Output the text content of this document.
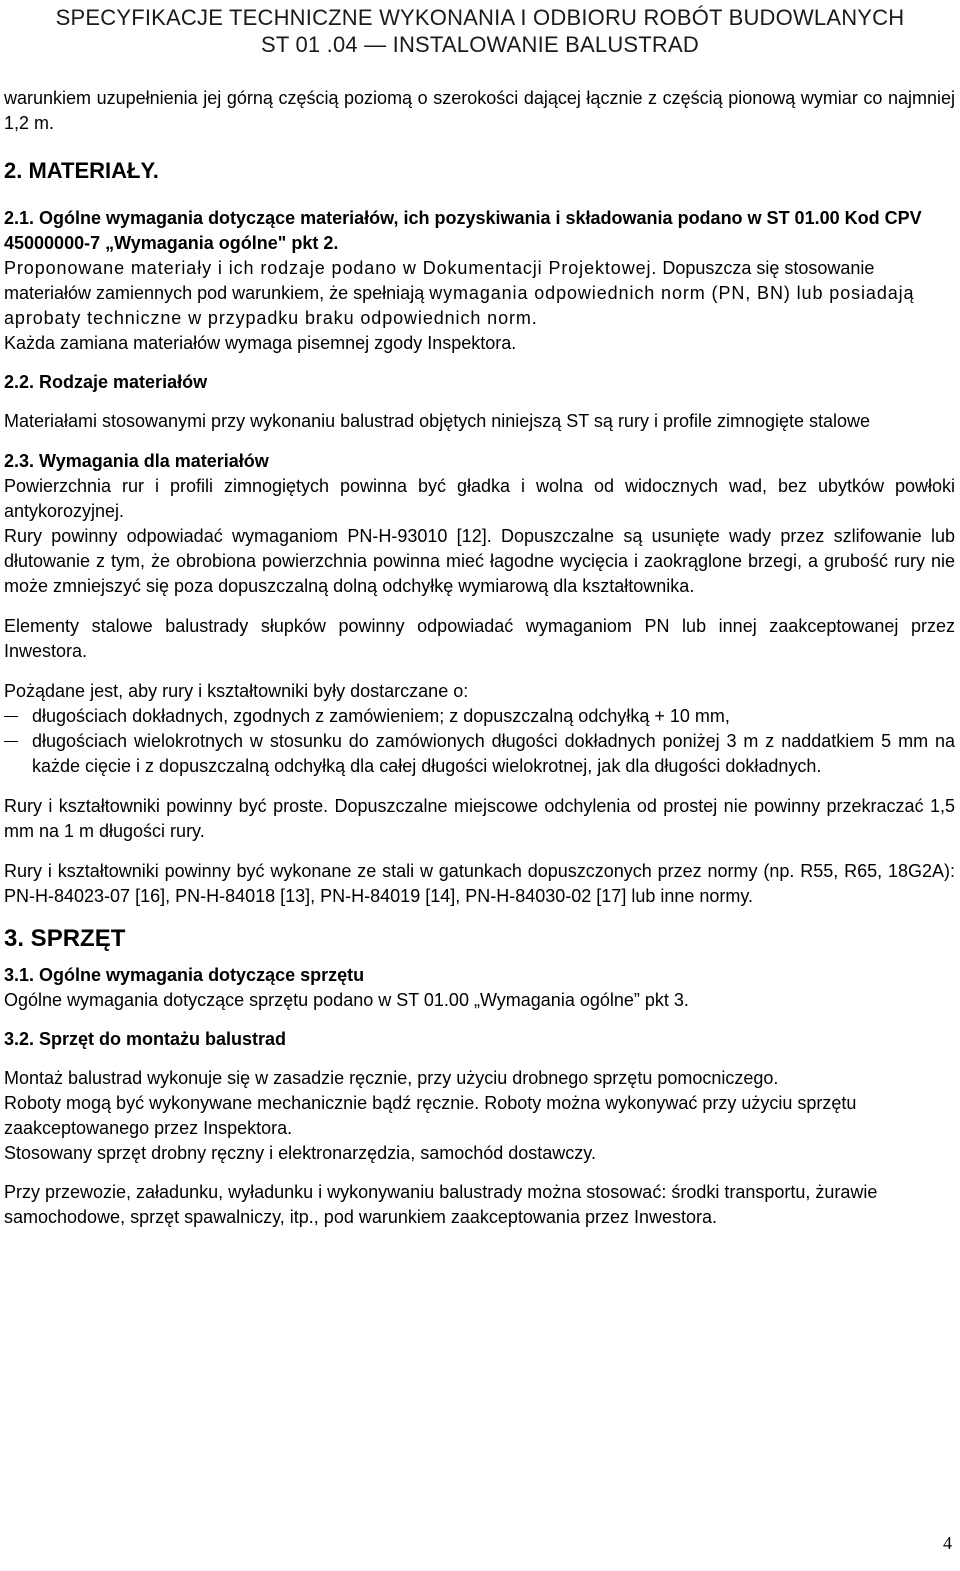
SPECYFIKACJE TECHNICZNE WYKONANIA I ODBIORU ROBÓT BUDOWLANYCH
ST 01 .04 — INSTALOWANIE BALUSTRAD

warunkiem uzupełnienia jej górną częścią poziomą o szerokości dającej łącznie z częścią pionową wymiar co najmniej 1,2 m.

2. MATERIAŁY.

2.1. Ogólne wymagania dotyczące materiałów, ich pozyskiwania i składowania podano w ST 01.00 Kod CPV 45000000-7 „Wymagania ogólne" pkt 2.

Proponowane materiały i ich rodzaje podano w Dokumentacji Projektowej. Dopuszcza się stosowanie materiałów zamiennych pod warunkiem, że spełniają wymagania odpowiednich norm (PN, BN) lub posiadają aprobaty techniczne w przypadku braku odpowiednich norm.

Każda zamiana materiałów wymaga pisemnej zgody Inspektora.

2.2. Rodzaje materiałów

Materiałami stosowanymi przy wykonaniu balustrad objętych niniejszą ST są rury i profile zimnogięte stalowe

2.3. Wymagania dla materiałów

Powierzchnia rur i profili zimnogiętych powinna być gładka i wolna od widocznych wad, bez ubytków powłoki antykorozyjnej.

Rury powinny odpowiadać wymaganiom PN-H-93010 [12]. Dopuszczalne są usunięte wady przez szlifowanie lub dłutowanie z tym, że obrobiona powierzchnia powinna mieć łagodne wycięcia i zaokrąglone brzegi, a grubość rury nie może zmniejszyć się poza dopuszczalną dolną odchyłkę wymiarową dla kształtownika.

Elementy stalowe balustrady słupków powinny odpowiadać wymaganiom PN lub innej zaakceptowanej przez Inwestora.

Pożądane jest, aby rury i kształtowniki były dostarczane o:

długościach dokładnych, zgodnych z zamówieniem; z dopuszczalną odchyłką + 10 mm,
długościach wielokrotnych w stosunku do zamówionych długości dokładnych poniżej 3 m z naddatkiem 5 mm na każde cięcie i z dopuszczalną odchyłką dla całej długości wielokrotnej, jak dla długości dokładnych.

Rury i kształtowniki powinny być proste. Dopuszczalne miejscowe odchylenia od prostej nie powinny przekraczać 1,5 mm na 1 m długości rury.

Rury i kształtowniki powinny być wykonane ze stali w gatunkach dopuszczonych przez normy (np. R55, R65, 18G2A): PN-H-84023-07 [16], PN-H-84018 [13], PN-H-84019 [14], PN-H-84030-02 [17] lub inne normy.

3. SPRZĘT
3.1. Ogólne wymagania dotyczące sprzętu

Ogólne wymagania dotyczące sprzętu podano w ST 01.00 „Wymagania ogólne” pkt 3.

3.2. Sprzęt do montażu balustrad

Montaż balustrad wykonuje się w zasadzie ręcznie, przy użyciu drobnego sprzętu pomocniczego.

Roboty mogą być wykonywane mechanicznie bądź ręcznie. Roboty można wykonywać przy użyciu sprzętu zaakceptowanego przez Inspektora.

Stosowany sprzęt drobny ręczny i elektronarzędzia, samochód dostawczy.

Przy przewozie, załadunku, wyładunku i wykonywaniu balustrady można stosować: środki transportu, żurawie samochodowe, sprzęt spawalniczy, itp., pod warunkiem zaakceptowania przez Inwestora.

4
